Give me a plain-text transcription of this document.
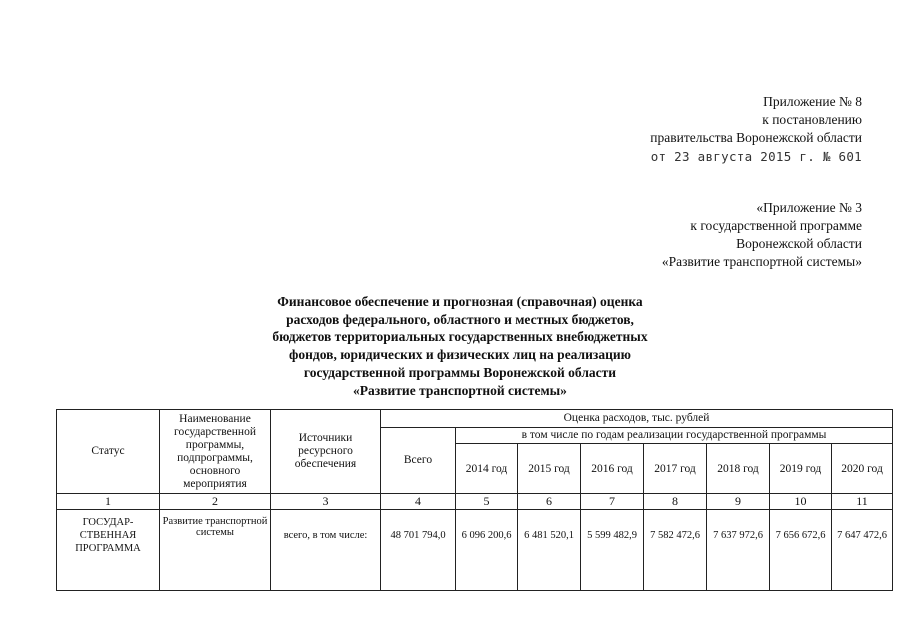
Приложение № 8
к постановлению
правительства Воронежской области
от 23 августа 2015 г. № 601
«Приложение № 3
к государственной программе
Воронежской области
«Развитие транспортной системы»
Финансовое обеспечение и прогнозная (справочная) оценка
расходов федерального, областного и местных бюджетов,
бюджетов территориальных государственных внебюджетных
фондов, юридических и физических лиц на реализацию
государственной программы Воронежской области
«Развитие транспортной системы»
Статус	Наименование государственной программы, подпрограммы, основного мероприятия	Источники ресурсного обеспечения	Оценка расходов, тыс. рублей							
			Всего	в том числе по годам реализации государственной программы						
				2014 год	2015 год	2016 год	2017 год	2018 год	2019 год	2020 год
1	2	3	4	5	6	7	8	9	10	11
ГОСУДАР-СТВЕННАЯ ПРОГРАММА	Развитие транспортной системы	всего, в том числе:	48 701 794,0	6 096 200,6	6 481 520,1	5 599 482,9	7 582 472,6	7 637 972,6	7 656 672,6	7 647 472,6
